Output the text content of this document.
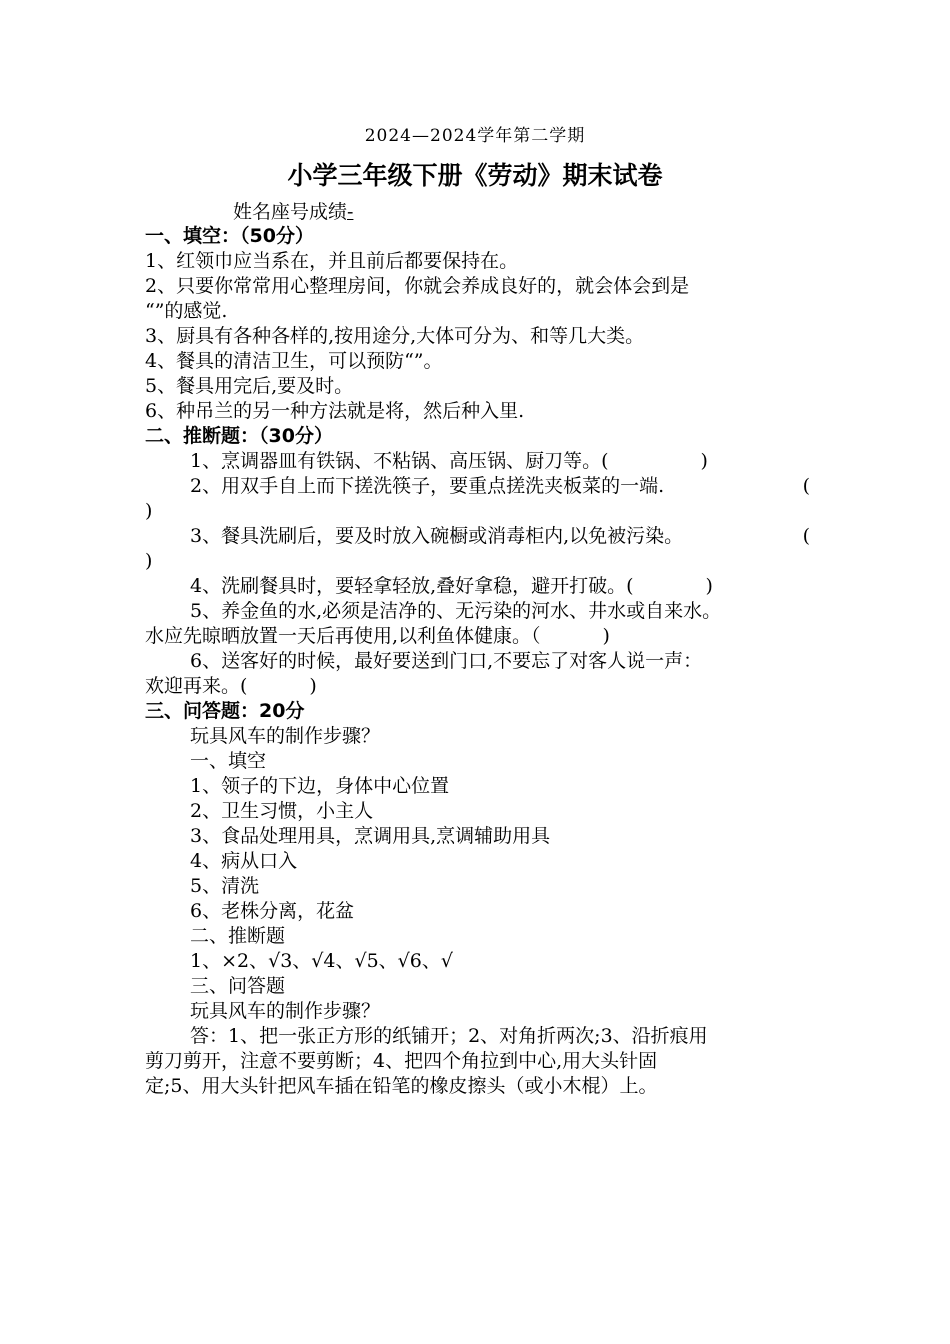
2024—2024学年第二学期
小学三年级下册《劳动》期末试卷
姓名座号成绩-
一、填空：（50分）
1、红领巾应当系在，并且前后都要保持在。
2、只要你常常用心整理房间，你就会养成良好的，就会体会到是
“”的感觉.
3、厨具有各种各样的,按用途分,大体可分为、和等几大类。
4、餐具的清洁卫生，可以预防“”。
5、餐具用完后,要及时。
6、种吊兰的另一种方法就是将，然后种入里.
二、推断题：（30分）
1、烹调器皿有铁锅、不粘锅、高压锅、厨刀等。(	)
2、用双手自上而下搓洗筷子，要重点搓洗夹板菜的一端.	(
)
3、餐具洗刷后，要及时放入碗橱或消毒柜内,以免被污染。	(
)
4、洗刷餐具时，要轻拿轻放,叠好拿稳，避开打破。(	)
5、养金鱼的水,必须是洁净的、无污染的河水、井水或自来水。
水应先晾晒放置一天后再使用,以利鱼体健康。（	)
6、送客好的时候，最好要送到门口,不要忘了对客人说一声：
欢迎再来。(	)
三、问答题：20分
玩具风车的制作步骤？
一、填空
1、领子的下边，身体中心位置
2、卫生习惯，小主人
3、食品处理用具，烹调用具,烹调辅助用具
4、病从口入
5、清洗
6、老株分离，花盆
二、推断题
1、×2、√3、√4、√5、√6、√
三、问答题
玩具风车的制作步骤？
答：1、把一张正方形的纸铺开；2、对角折两次;3、沿折痕用
剪刀剪开，注意不要剪断；4、把四个角拉到中心,用大头针固
定;5、用大头针把风车插在铅笔的橡皮擦头（或小木棍）上。
